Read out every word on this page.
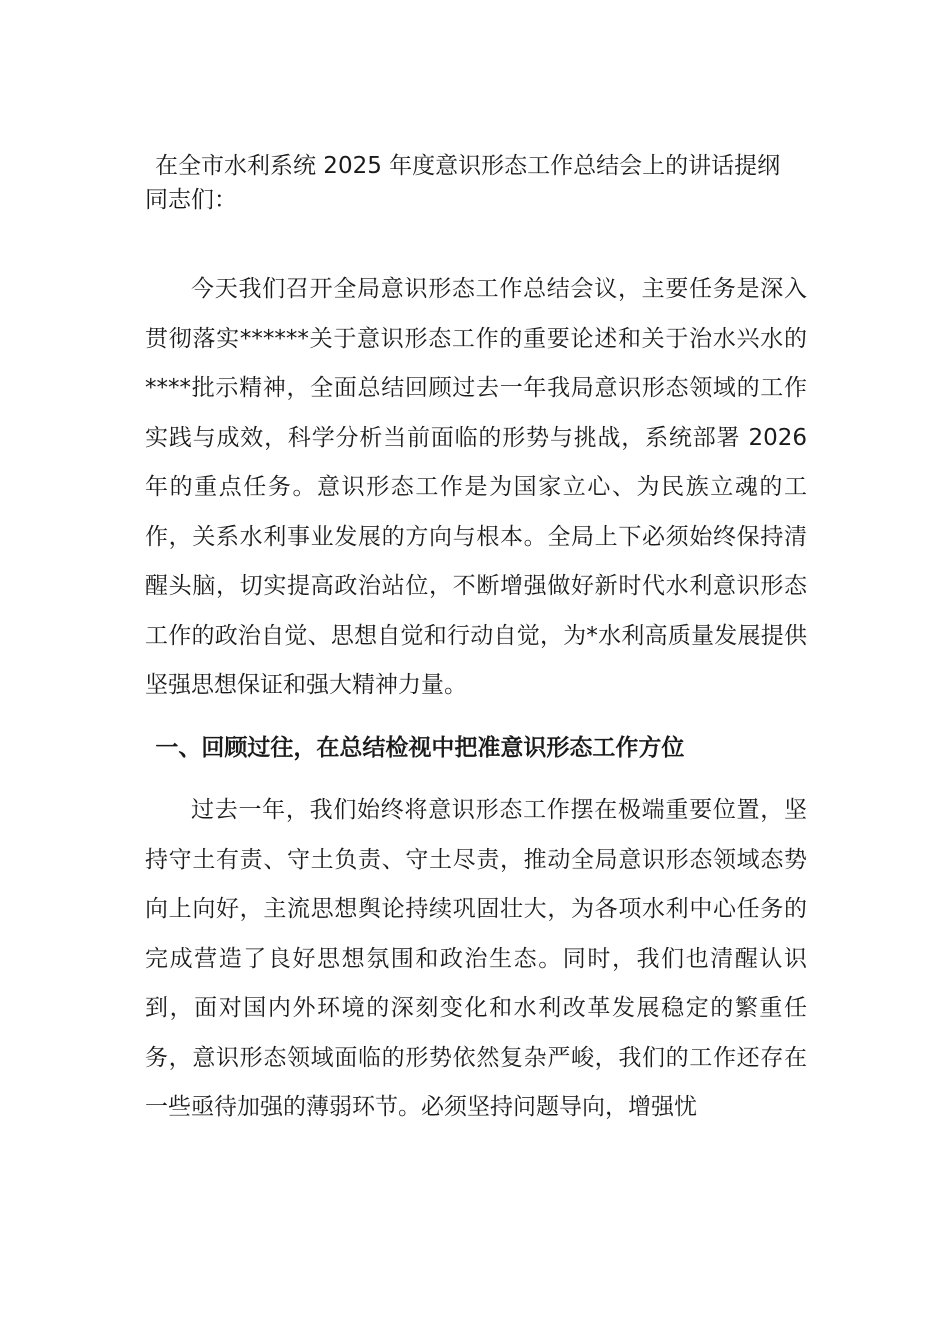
在全市水利系统 2025 年度意识形态工作总结会上的讲话提纲
同志们：

今天我们召开全局意识形态工作总结会议，主要任务是深入贯彻落实******关于意识形态工作的重要论述和关于治水兴水的****批示精神，全面总结回顾过去一年我局意识形态领域的工作实践与成效，科学分析当前面临的形势与挑战，系统部署 2026 年的重点任务。意识形态工作是为国家立心、为民族立魂的工作，关系水利事业发展的方向与根本。全局上下必须始终保持清醒头脑，切实提高政治站位，不断增强做好新时代水利意识形态工作的政治自觉、思想自觉和行动自觉，为*水利高质量发展提供坚强思想保证和强大精神力量。

一、回顾过往，在总结检视中把准意识形态工作方位

过去一年，我们始终将意识形态工作摆在极端重要位置，坚持守土有责、守土负责、守土尽责，推动全局意识形态领域态势向上向好，主流思想舆论持续巩固壮大，为各项水利中心任务的完成营造了良好思想氛围和政治生态。同时，我们也清醒认识到，面对国内外环境的深刻变化和水利改革发展稳定的繁重任务，意识形态领域面临的形势依然复杂严峻，我们的工作还存在一些亟待加强的薄弱环节。必须坚持问题导向，增强忧
